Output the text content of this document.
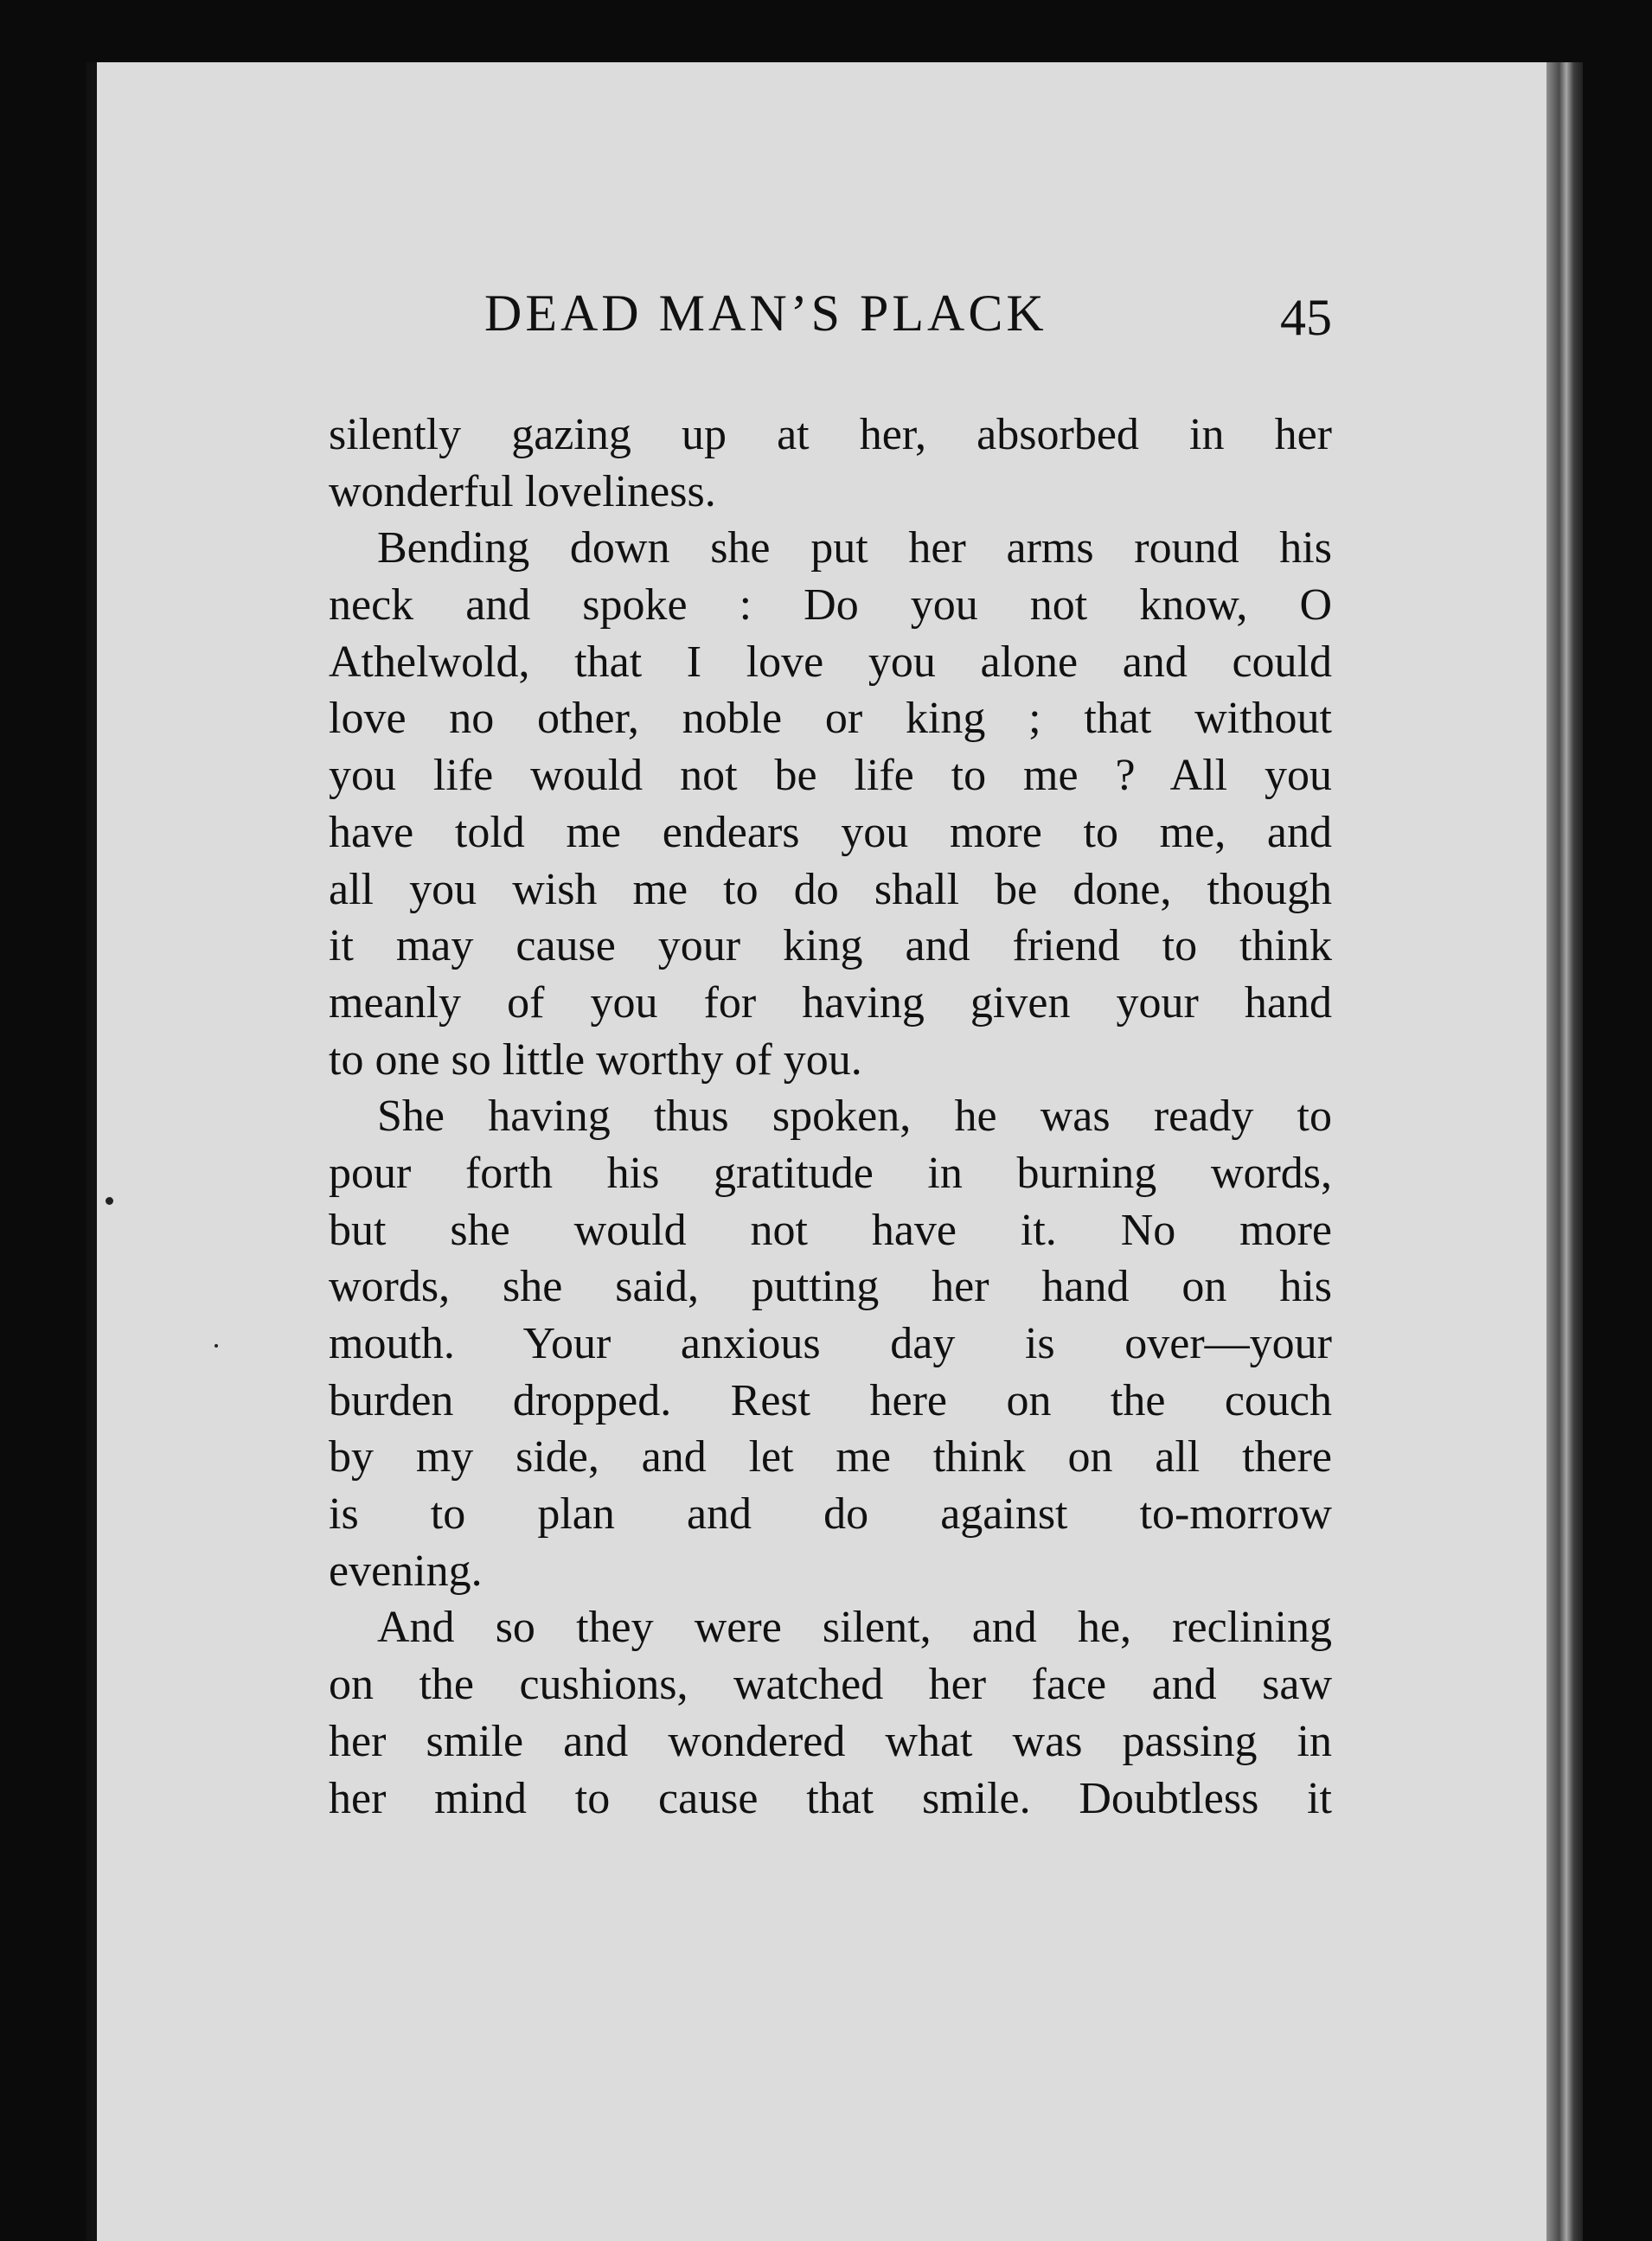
DEAD MAN’S PLACK	45
silently gazing up at her, absorbed in her
wonderful loveliness.
Bending down she put her arms round his
neck and spoke : Do you not know, O
Athelwold, that I love you alone and could
love no other, noble or king ; that without
you life would not be life to me ? All you
have told me endears you more to me, and
all you wish me to do shall be done, though
it may cause your king and friend to think
meanly of you for having given your hand
to one so little worthy of you.
She having thus spoken, he was ready to
pour forth his gratitude in burning words,
but she would not have it. No more
words, she said, putting her hand on his
mouth. Your anxious day is over—your
burden dropped. Rest here on the couch
by my side, and let me think on all there
is to plan and do against to-morrow
evening.
And so they were silent, and he, reclining
on the cushions, watched her face and saw
her smile and wondered what was passing in
her mind to cause that smile. Doubtless it
